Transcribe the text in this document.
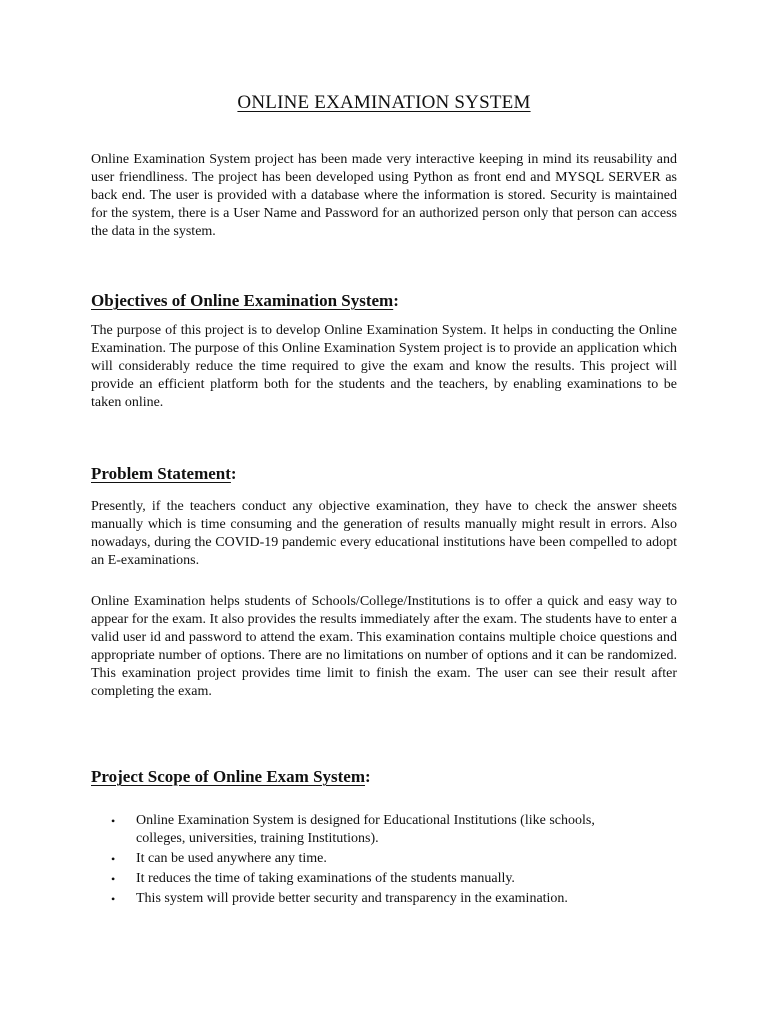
ONLINE EXAMINATION SYSTEM

Online Examination System project has been made very interactive keeping in mind its reusability and user friendliness. The project has been developed using Python as front end and MYSQL SERVER as back end. The user is provided with a database where the information is stored. Security is maintained for the system, there is a User Name and Password for an authorized person only that person can access the data in the system.

Objectives of Online Examination System:

The purpose of this project is to develop Online Examination System. It helps in conducting the Online Examination. The purpose of this Online Examination System project is to provide an application which will considerably reduce the time required to give the exam and know the results. This project will provide an efficient platform both for the students and the teachers, by enabling examinations to be taken online.

Problem Statement:

Presently, if the teachers conduct any objective examination, they have to check the answer sheets manually which is time consuming and the generation of results manually might result in errors. Also nowadays, during the COVID-19 pandemic every educational institutions have been compelled to adopt an E-examinations.

Online Examination helps students of Schools/College/Institutions is to offer a quick and easy way to appear for the exam. It also provides the results immediately after the exam. The students have to enter a valid user id and password to attend the exam. This examination contains multiple choice questions and appropriate number of options. There are no limitations on number of options and it can be randomized. This examination project provides time limit to finish the exam. The user can see their result after completing the exam.

Project Scope of Online Exam System:
• Online Examination System is designed for Educational Institutions (like schools, colleges, universities, training Institutions).
• It can be used anywhere any time.
• It reduces the time of taking examinations of the students manually.
• This system will provide better security and transparency in the examination.
